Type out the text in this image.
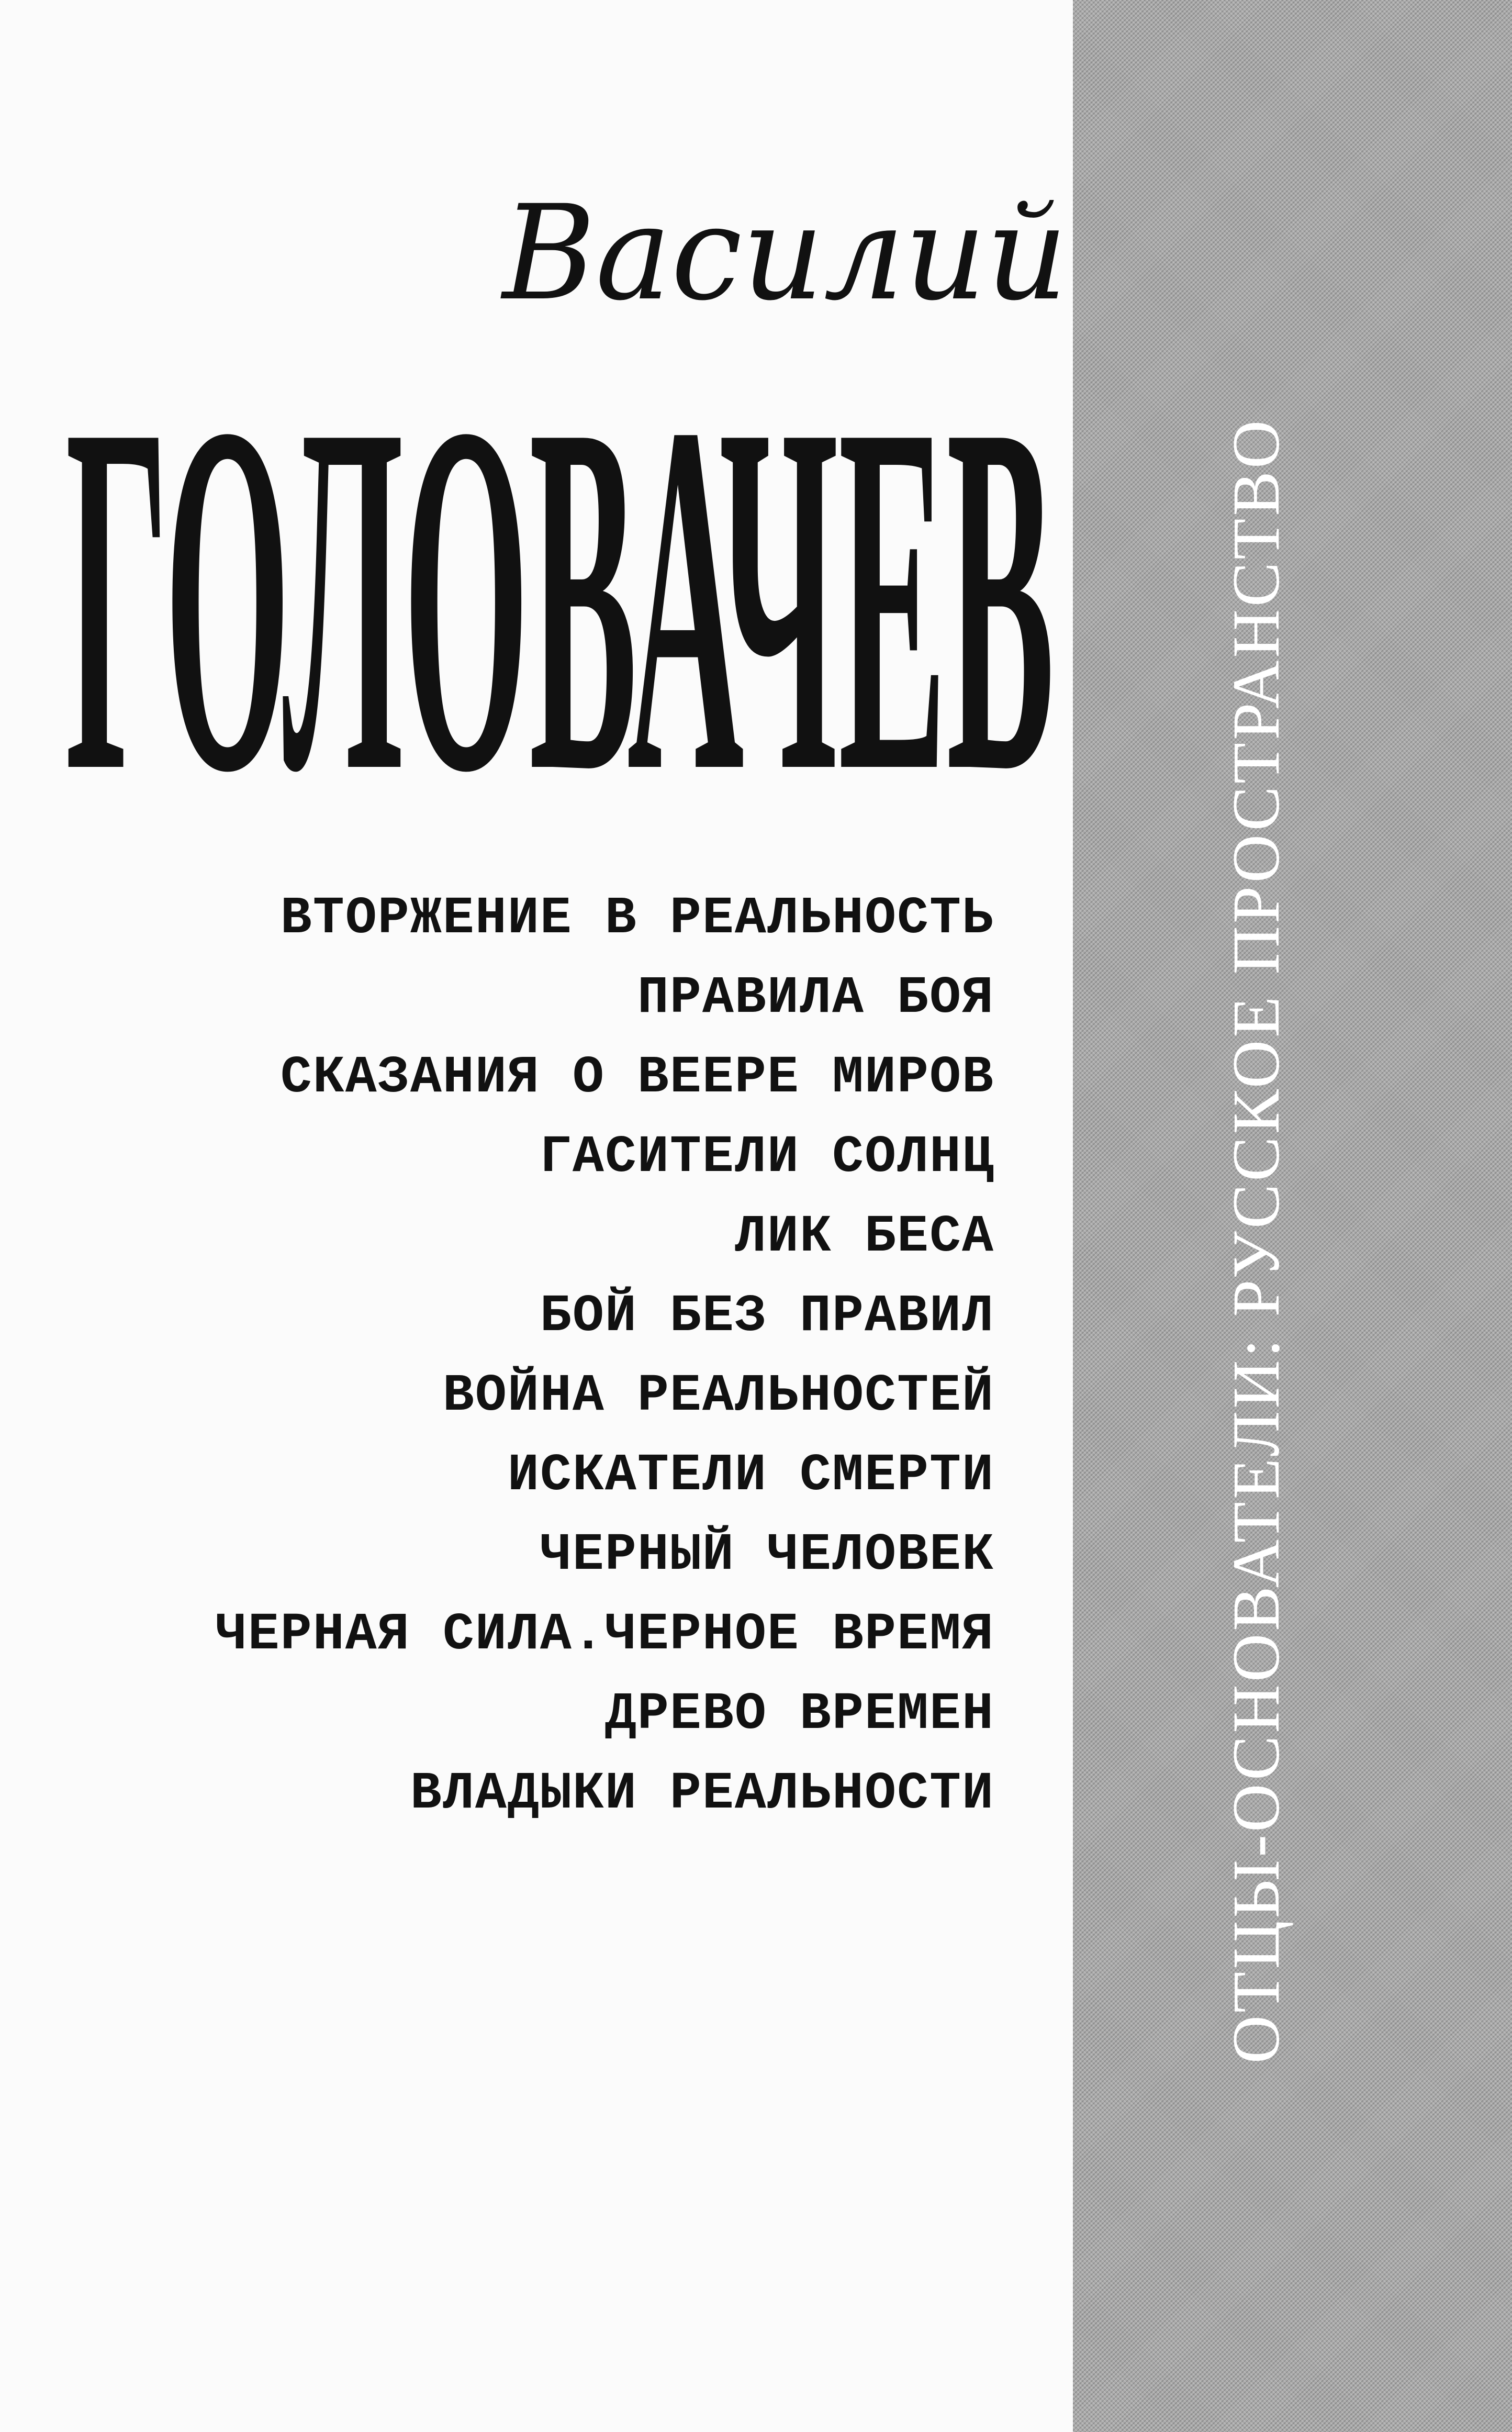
Василий
ГОЛОВАЧЕВ
ВТОРЖЕНИЕ В РЕАЛЬНОСТЬ
ПРАВИЛА БОЯ
СКАЗАНИЯ О ВЕЕРЕ МИРОВ
ГАСИТЕЛИ СОЛНЦ
ЛИК БЕСА
БОЙ БЕЗ ПРАВИЛ
ВОЙНА РЕАЛЬНОСТЕЙ
ИСКАТЕЛИ СМЕРТИ
ЧЕРНЫЙ ЧЕЛОВЕК
ЧЕРНАЯ СИЛА.ЧЕРНОЕ ВРЕМЯ
ДРЕВО ВРЕМЕН
ВЛАДЫКИ РЕАЛЬНОСТИ	ОТЦЫ-ОСНОВАТЕЛИ: РУССКОЕ ПРОСТРАНСТВО
